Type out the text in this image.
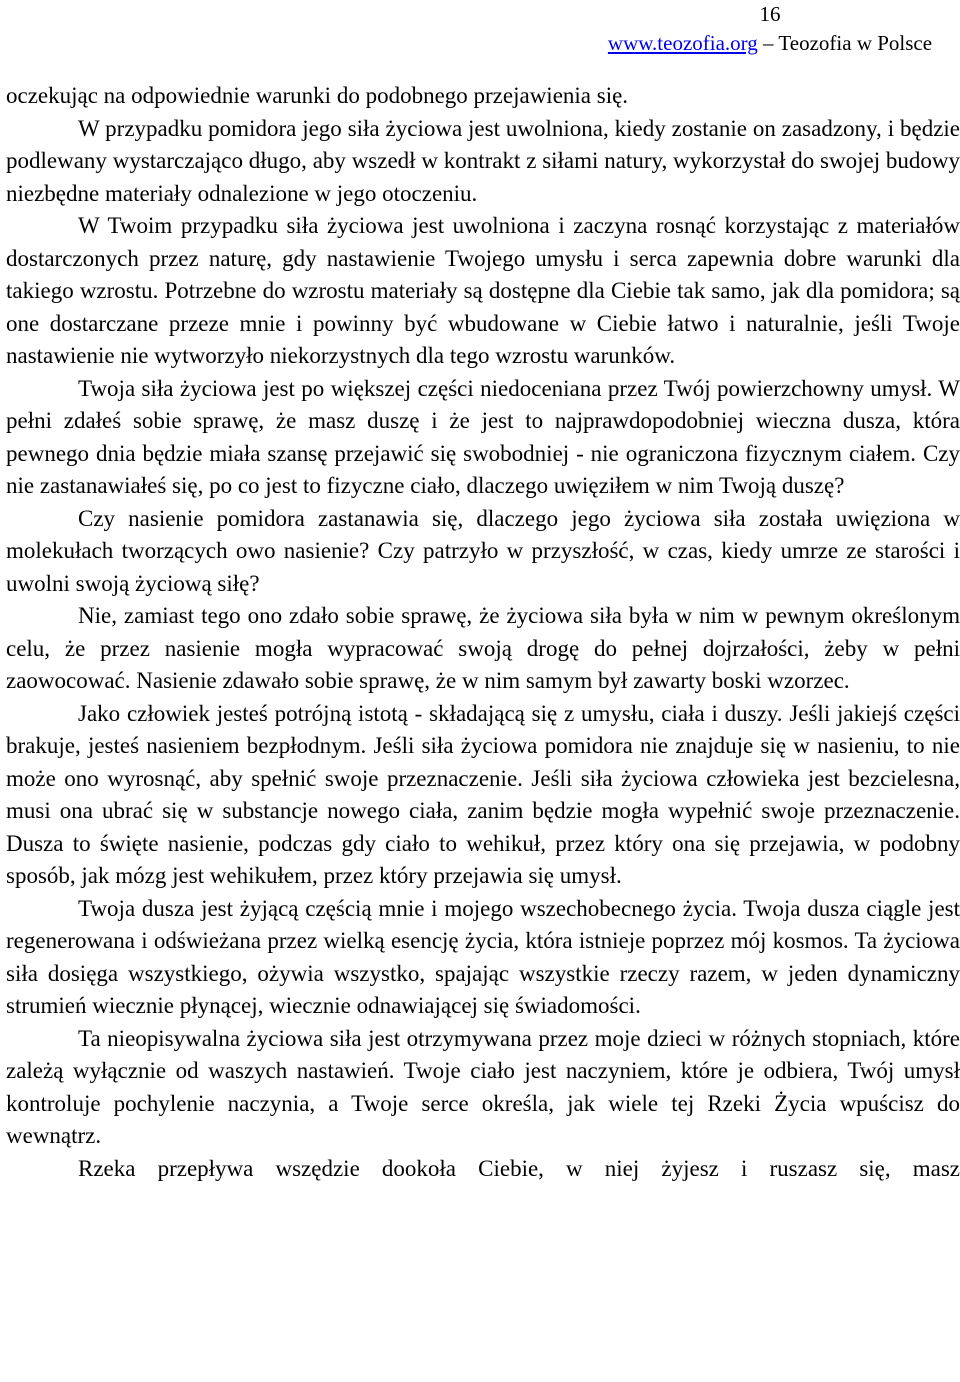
16
www.teozofia.org – Teozofia w Polsce

oczekując na odpowiednie warunki do podobnego przejawienia się.

W przypadku pomidora jego siła życiowa jest uwolniona, kiedy zostanie on zasadzony, i będzie podlewany wystarczająco długo, aby wszedł w kontrakt z siłami natury, wykorzystał do swojej budowy niezbędne materiały odnalezione w jego otoczeniu.

W Twoim przypadku siła życiowa jest uwolniona i zaczyna rosnąć korzystając z materiałów dostarczonych przez naturę, gdy nastawienie Twojego umysłu i serca zapewnia dobre warunki dla takiego wzrostu. Potrzebne do wzrostu materiały są dostępne dla Ciebie tak samo, jak dla pomidora; są one dostarczane przeze mnie i powinny być wbudowane w Ciebie łatwo i naturalnie, jeśli Twoje nastawienie nie wytworzyło niekorzystnych dla tego wzrostu warunków.

Twoja siła życiowa jest po większej części niedoceniana przez Twój powierzchowny umysł. W pełni zdałeś sobie sprawę, że masz duszę i że jest to najprawdopodobniej wieczna dusza, która pewnego dnia będzie miała szansę przejawić się swobodniej - nie ograniczona fizycznym ciałem. Czy nie zastanawiałeś się, po co jest to fizyczne ciało, dlaczego uwięziłem w nim Twoją duszę?

Czy nasienie pomidora zastanawia się, dlaczego jego życiowa siła została uwięziona w molekułach tworzących owo nasienie? Czy patrzyło w przyszłość, w czas, kiedy umrze ze starości i uwolni swoją życiową siłę?

Nie, zamiast tego ono zdało sobie sprawę, że życiowa siła była w nim w pewnym określonym celu, że przez nasienie mogła wypracować swoją drogę do pełnej dojrzałości, żeby w pełni zaowocować. Nasienie zdawało sobie sprawę, że w nim samym był zawarty boski wzorzec.

Jako człowiek jesteś potrójną istotą - składającą się z umysłu, ciała i duszy. Jeśli jakiejś części brakuje, jesteś nasieniem bezpłodnym. Jeśli siła życiowa pomidora nie znajduje się w nasieniu, to nie może ono wyrosnąć, aby spełnić swoje przeznaczenie. Jeśli siła życiowa człowieka jest bezcielesna, musi ona ubrać się w substancje nowego ciała, zanim będzie mogła wypełnić swoje przeznaczenie. Dusza to święte nasienie, podczas gdy ciało to wehikuł, przez który ona się przejawia, w podobny sposób, jak mózg jest wehikułem, przez który przejawia się umysł.

Twoja dusza jest żyjącą częścią mnie i mojego wszechobecnego życia. Twoja dusza ciągle jest regenerowana i odświeżana przez wielką esencję życia, która istnieje poprzez mój kosmos. Ta życiowa siła dosięga wszystkiego, ożywia wszystko, spajając wszystkie rzeczy razem, w jeden dynamiczny strumień wiecznie płynącej, wiecznie odnawiającej się świadomości.

Ta nieopisywalna życiowa siła jest otrzymywana przez moje dzieci w różnych stopniach, które zależą wyłącznie od waszych nastawień. Twoje ciało jest naczyniem, które je odbiera, Twój umysł kontroluje pochylenie naczynia, a Twoje serce określa, jak wiele tej Rzeki Życia wpuścisz do wewnątrz.

Rzeka przepływa wszędzie dookoła Ciebie, w niej żyjesz i ruszasz się, masz
